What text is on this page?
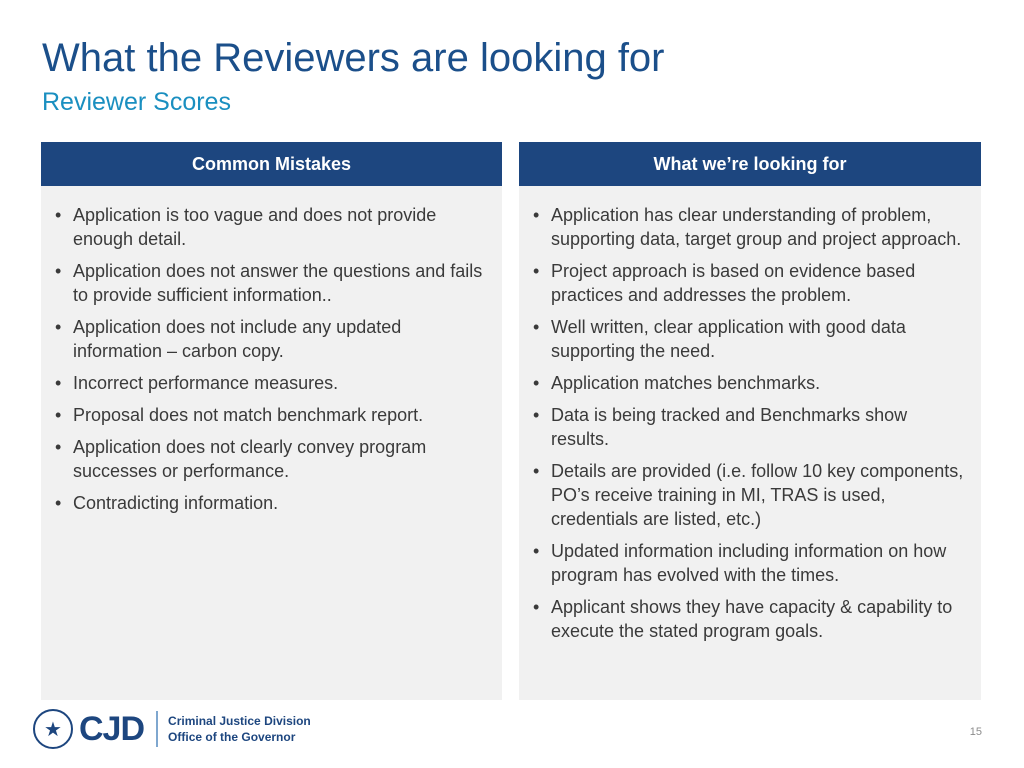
What the Reviewers are looking for
Reviewer Scores
Common Mistakes
• Application is too vague and does not provide enough detail.
• Application does not answer the questions and fails to provide sufficient information..
• Application does not include any updated information – carbon copy.
• Incorrect performance measures.
• Proposal does not match benchmark report.
• Application does not clearly convey program successes or performance.
• Contradicting information.
What we’re looking for
• Application has clear understanding of problem, supporting data, target group and project approach.
• Project approach is based on evidence based practices and addresses the problem.
• Well written, clear application with good data supporting the need.
• Application matches benchmarks.
• Data is being tracked and Benchmarks show results.
• Details are provided (i.e. follow 10 key components, PO’s receive training in MI, TRAS is used, credentials are listed, etc.)
• Updated information including information on how program has evolved with the times.
• Applicant shows they have capacity & capability to execute the stated program goals.
★ CJD Criminal Justice Division
Office of the Governor	15
